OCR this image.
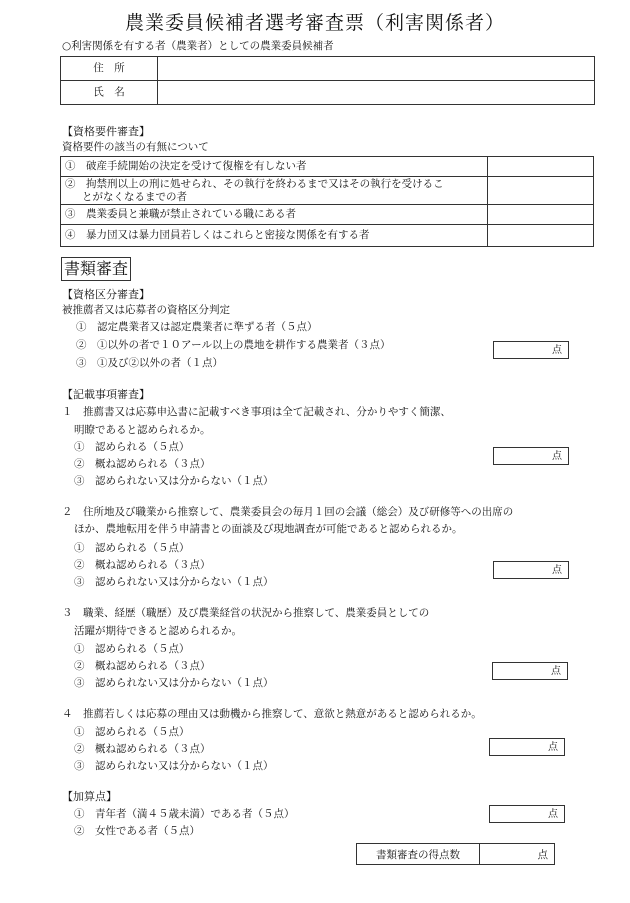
農業委員候補者選考審査票（利害関係者）
○利害関係を有する者（農業者）としての農業委員候補者
住　所	
氏　名	
【資格要件審査】
資格要件の該当の有無について
①　 破産手続開始の決定を受けて復権を有しない者	
②　 拘禁刑以上の刑に処せられ、その執行を終わるまで又はその執行を受けるこ
とがなくなるまでの者	
③　 農業委員と兼職が禁止されている職にある者	
④　 暴力団又は暴力団員若しくはこれらと密接な関係を有する者	
書類審査
【資格区分審査】
被推薦者又は応募者の資格区分判定
①　認定農業者又は認定農業者に準ずる者（５点）
②　①以外の者で１０アール以上の農地を耕作する農業者（３点）
③　①及び②以外の者（１点）
点
【記載事項審査】
１　推薦書又は応募申込書に記載すべき事項は全て記載され、分かりやすく簡潔、
明瞭であると認められるか。
①　認められる（５点）
②　概ね認められる（３点）
③　認められない又は分からない（１点）
点
２　住所地及び職業から推察して、農業委員会の毎月１回の会議（総会）及び研修等への出席の
ほか、農地転用を伴う申請書との面談及び現地調査が可能であると認められるか。
①　認められる（５点）
②　概ね認められる（３点）
③　認められない又は分からない（１点）
点
３　職業、経歴（職歴）及び農業経営の状況から推察して、農業委員としての
活躍が期待できると認められるか。
①　認められる（５点）
②　概ね認められる（３点）
③　認められない又は分からない（１点）
点
４　推薦若しくは応募の理由又は動機から推察して、意欲と熱意があると認められるか。
①　認められる（５点）
②　概ね認められる（３点）
③　認められない又は分からない（１点）
点
【加算点】
①　青年者（満４５歳未満）である者（５点）
②　女性である者（５点）
点
書類審査の得点数	点
